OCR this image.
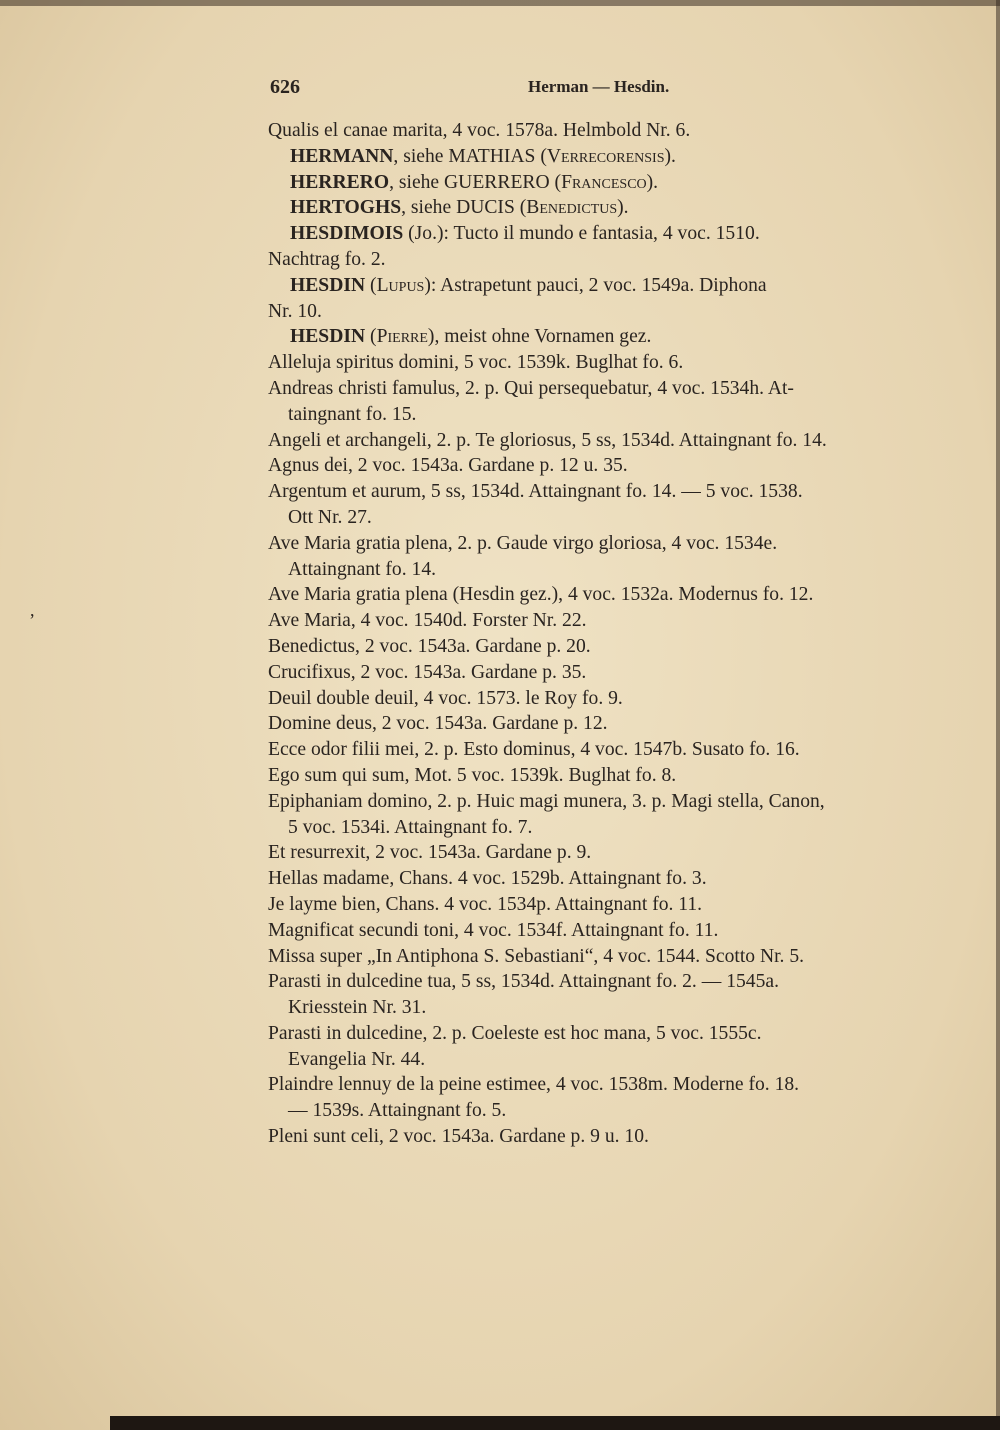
626	Herman — Hesdin.
,

Qualis el canae marita, 4 voc. 1578a. Helmbold Nr. 6.

HERMANN, siehe MATHIAS (Verrecorensis).

HERRERO, siehe GUERRERO (Francesco).

HERTOGHS, siehe DUCIS (Benedictus).

HESDIMOIS (Jo.): Tucto il mundo e fantasia, 4 voc. 1510.

Nachtrag fo. 2.

HESDIN (Lupus): Astrapetunt pauci, 2 voc. 1549a. Diphona

Nr. 10.

HESDIN (Pierre), meist ohne Vornamen gez.

Alleluja spiritus domini, 5 voc. 1539k. Buglhat fo. 6.

Andreas christi famulus, 2. p. Qui persequebatur, 4 voc. 1534h. At-
taingnant fo. 15.

Angeli et archangeli, 2. p. Te gloriosus, 5 ss, 1534d. Attaingnant fo. 14.

Agnus dei, 2 voc. 1543a. Gardane p. 12 u. 35.

Argentum et aurum, 5 ss, 1534d. Attaingnant fo. 14. — 5 voc. 1538.
Ott Nr. 27.

Ave Maria gratia plena, 2. p. Gaude virgo gloriosa, 4 voc. 1534e.
Attaingnant fo. 14.

Ave Maria gratia plena (Hesdin gez.), 4 voc. 1532a. Modernus fo. 12.

Ave Maria, 4 voc. 1540d. Forster Nr. 22.

Benedictus, 2 voc. 1543a. Gardane p. 20.

Crucifixus, 2 voc. 1543a. Gardane p. 35.

Deuil double deuil, 4 voc. 1573. le Roy fo. 9.

Domine deus, 2 voc. 1543a. Gardane p. 12.

Ecce odor filii mei, 2. p. Esto dominus, 4 voc. 1547b. Susato fo. 16.

Ego sum qui sum, Mot. 5 voc. 1539k. Buglhat fo. 8.

Epiphaniam domino, 2. p. Huic magi munera, 3. p. Magi stella, Canon,
5 voc. 1534i. Attaingnant fo. 7.

Et resurrexit, 2 voc. 1543a. Gardane p. 9.

Hellas madame, Chans. 4 voc. 1529b. Attaingnant fo. 3.

Je layme bien, Chans. 4 voc. 1534p. Attaingnant fo. 11.

Magnificat secundi toni, 4 voc. 1534f. Attaingnant fo. 11.

Missa super „In Antiphona S. Sebastiani“, 4 voc. 1544. Scotto Nr. 5.

Parasti in dulcedine tua, 5 ss, 1534d. Attaingnant fo. 2. — 1545a.
Kriesstein Nr. 31.

Parasti in dulcedine, 2. p. Coeleste est hoc mana, 5 voc. 1555c.
Evangelia Nr. 44.

Plaindre lennuy de la peine estimee, 4 voc. 1538m. Moderne fo. 18.
— 1539s. Attaingnant fo. 5.

Pleni sunt celi, 2 voc. 1543a. Gardane p. 9 u. 10.
